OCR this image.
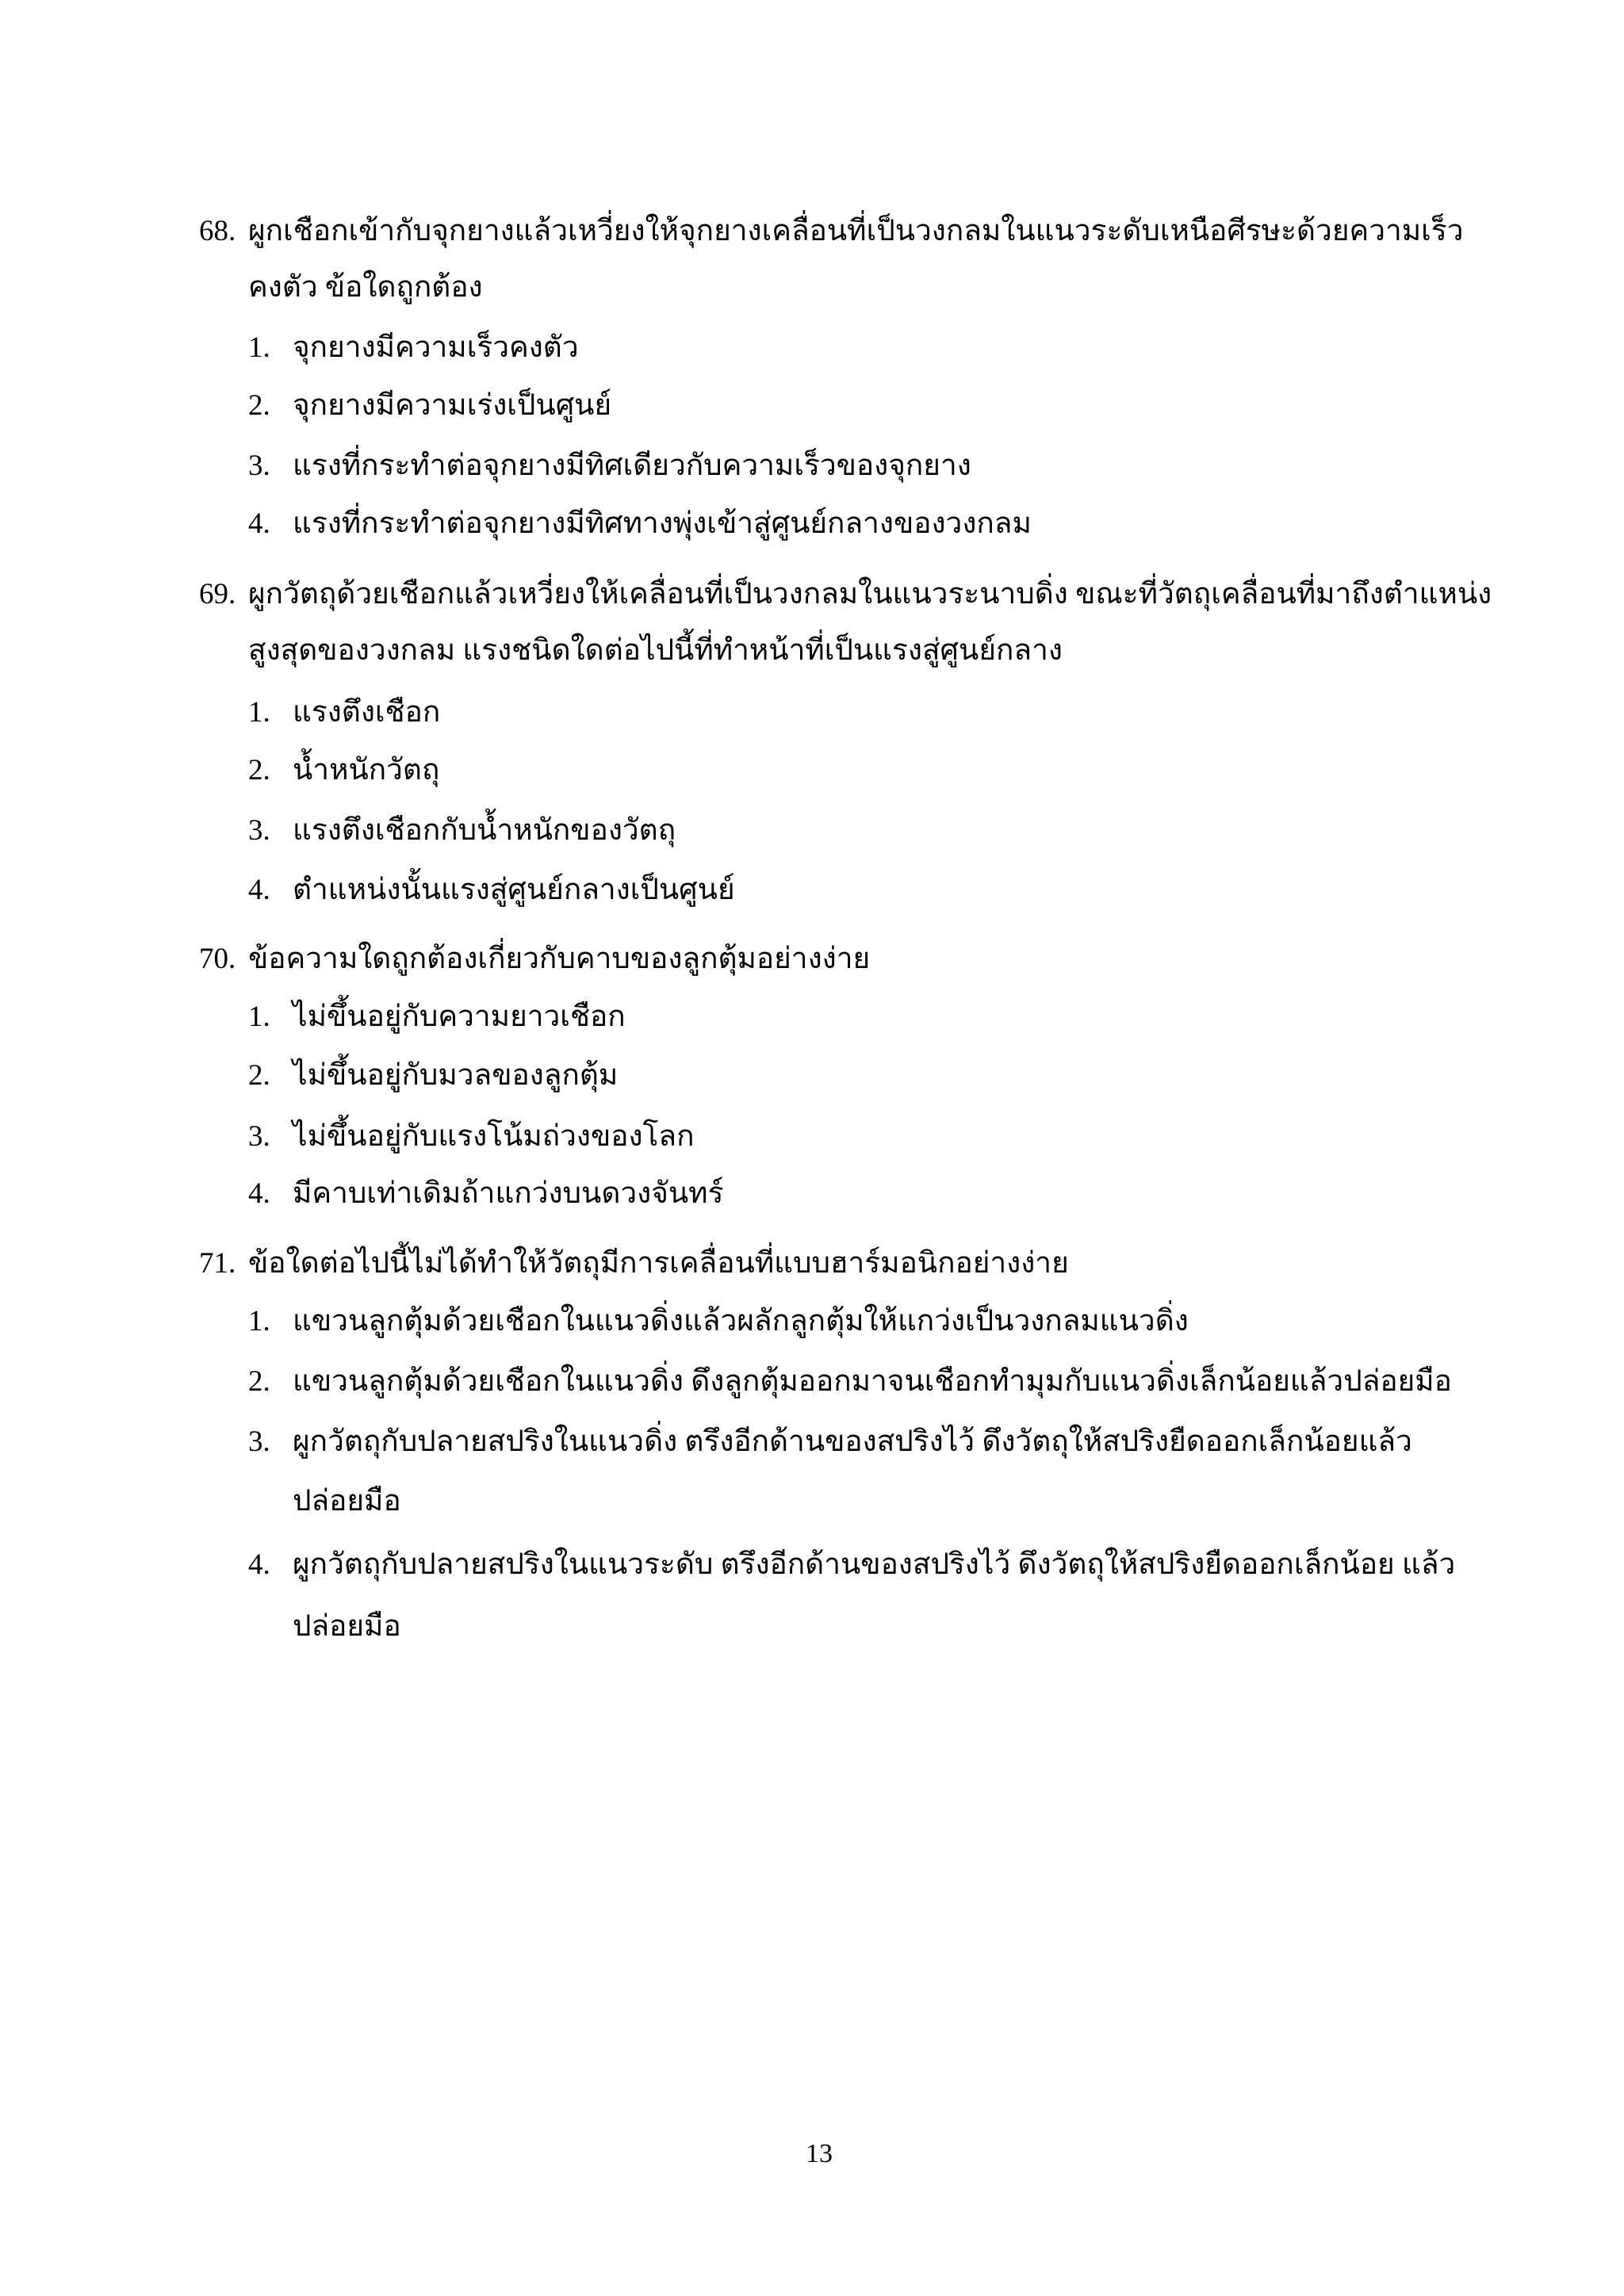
68. ผูกเชือกเข้ากับจุกยางแล้วเหวี่ยงให้จุกยางเคลื่อนที่เป็นวงกลมในแนวระดับเหนือศีรษะด้วยความเร็ว
คงตัว ข้อใดถูกต้อง
1. จุกยางมีความเร็วคงตัว
2. จุกยางมีความเร่งเป็นศูนย์
3. แรงที่กระทำต่อจุกยางมีทิศเดียวกับความเร็วของจุกยาง
4. แรงที่กระทำต่อจุกยางมีทิศทางพุ่งเข้าสู่ศูนย์กลางของวงกลม
69. ผูกวัตถุด้วยเชือกแล้วเหวี่ยงให้เคลื่อนที่เป็นวงกลมในแนวระนาบดิ่ง ขณะที่วัตถุเคลื่อนที่มาถึงตำแหน่ง
สูงสุดของวงกลม แรงชนิดใดต่อไปนี้ที่ทำหน้าที่เป็นแรงสู่ศูนย์กลาง
1. แรงตึงเชือก
2. น้ำหนักวัตถุ
3. แรงตึงเชือกกับน้ำหนักของวัตถุ
4. ตำแหน่งนั้นแรงสู่ศูนย์กลางเป็นศูนย์
70. ข้อความใดถูกต้องเกี่ยวกับคาบของลูกตุ้มอย่างง่าย
1. ไม่ขึ้นอยู่กับความยาวเชือก
2. ไม่ขึ้นอยู่กับมวลของลูกตุ้ม
3. ไม่ขึ้นอยู่กับแรงโน้มถ่วงของโลก
4. มีคาบเท่าเดิมถ้าแกว่งบนดวงจันทร์
71. ข้อใดต่อไปนี้ไม่ได้ทำให้วัตถุมีการเคลื่อนที่แบบฮาร์มอนิกอย่างง่าย
1. แขวนลูกตุ้มด้วยเชือกในแนวดิ่งแล้วผลักลูกตุ้มให้แกว่งเป็นวงกลมแนวดิ่ง
2. แขวนลูกตุ้มด้วยเชือกในแนวดิ่ง ดึงลูกตุ้มออกมาจนเชือกทำมุมกับแนวดิ่งเล็กน้อยแล้วปล่อยมือ
3. ผูกวัตถุกับปลายสปริงในแนวดิ่ง ตรึงอีกด้านของสปริงไว้ ดึงวัตถุให้สปริงยืดออกเล็กน้อยแล้ว
ปล่อยมือ
4. ผูกวัตถุกับปลายสปริงในแนวระดับ ตรึงอีกด้านของสปริงไว้ ดึงวัตถุให้สปริงยืดออกเล็กน้อย แล้ว
ปล่อยมือ
13
